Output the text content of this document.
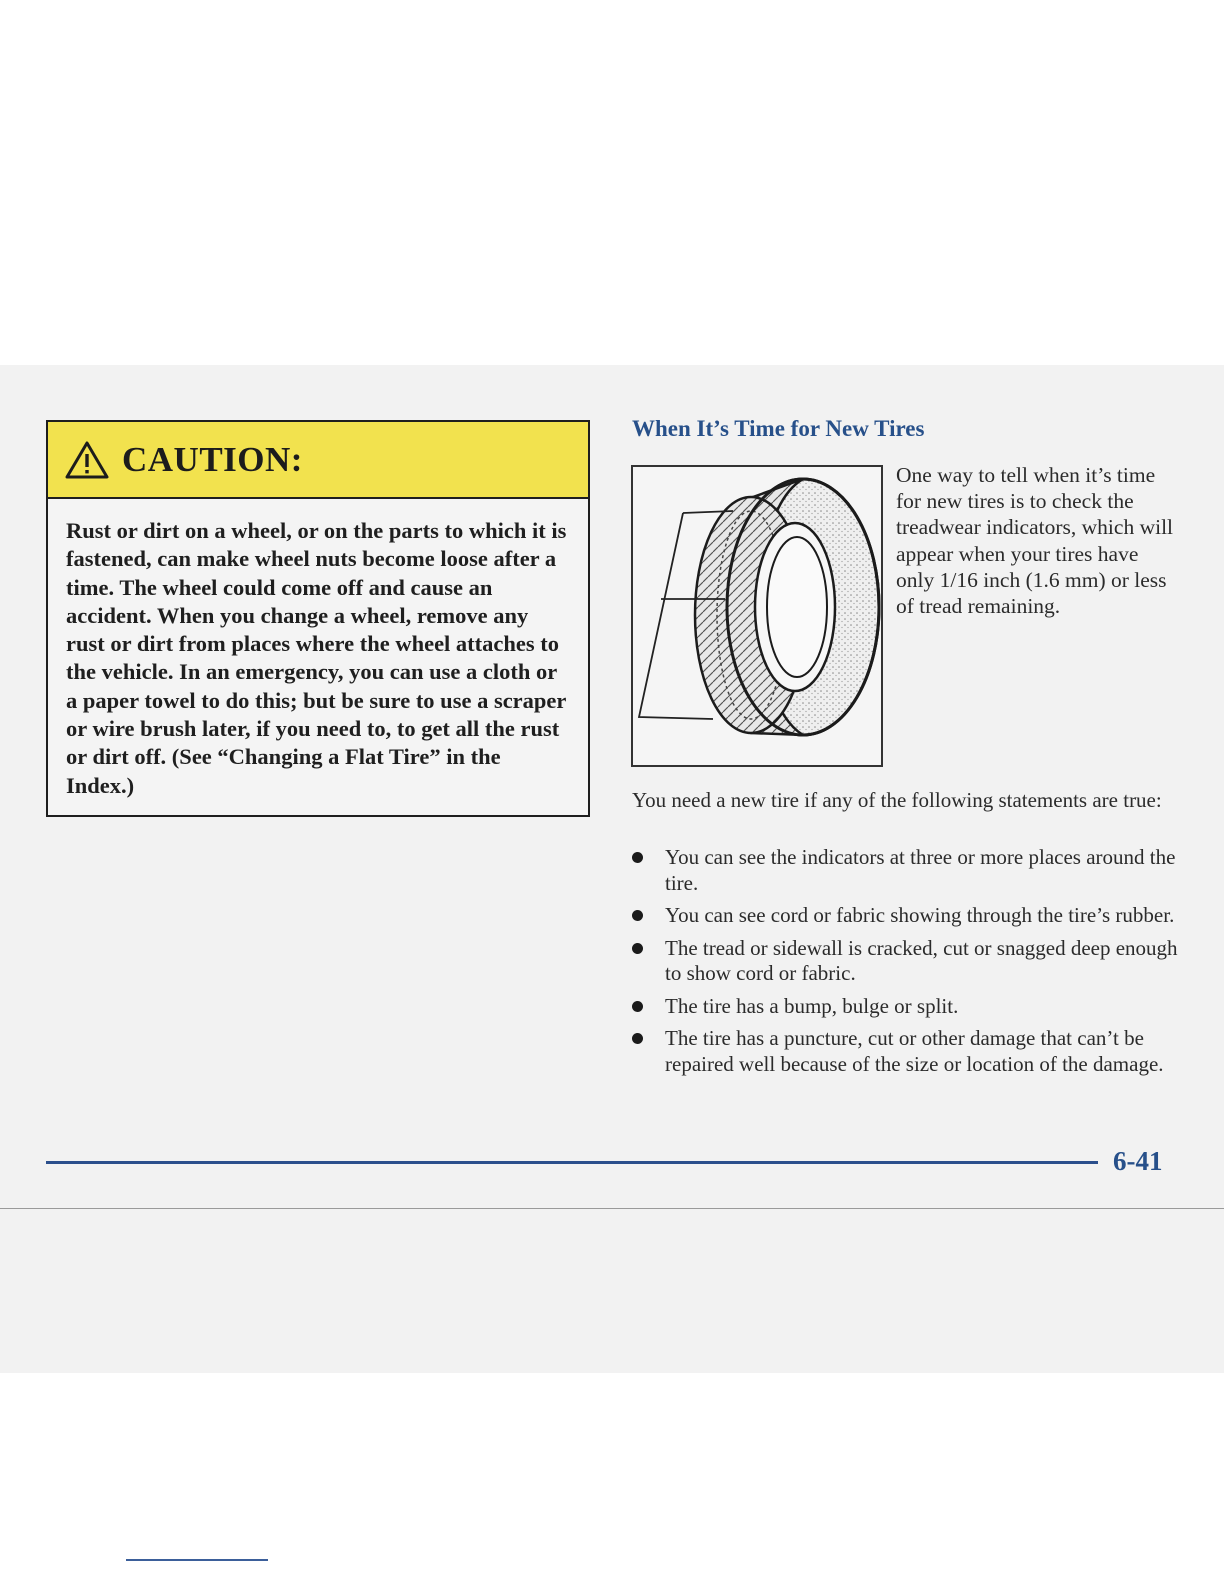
CAUTION:
Rust or dirt on a wheel, or on the parts to which it is fastened, can make wheel nuts become loose after a time. The wheel could come off and cause an accident. When you change a wheel, remove any rust or dirt from places where the wheel attaches to the vehicle. In an emergency, you can use a cloth or a paper towel to do this; but be sure to use a scraper or wire brush later, if you need to, to get all the rust or dirt off. (See “Changing a Flat Tire” in the Index.)
When It’s Time for New Tires
One way to tell when it’s time for new tires is to check the treadwear indicators, which will appear when your tires have only 1/16 inch (1.6 mm) or less of tread remaining.
You need a new tire if any of the following statements are true:
You can see the indicators at three or more places around the tire.
You can see cord or fabric showing through the tire’s rubber.
The tread or sidewall is cracked, cut or snagged deep enough to show cord or fabric.
The tire has a bump, bulge or split.
The tire has a puncture, cut or other damage that can’t be repaired well because of the size or location of the damage.
6-41
